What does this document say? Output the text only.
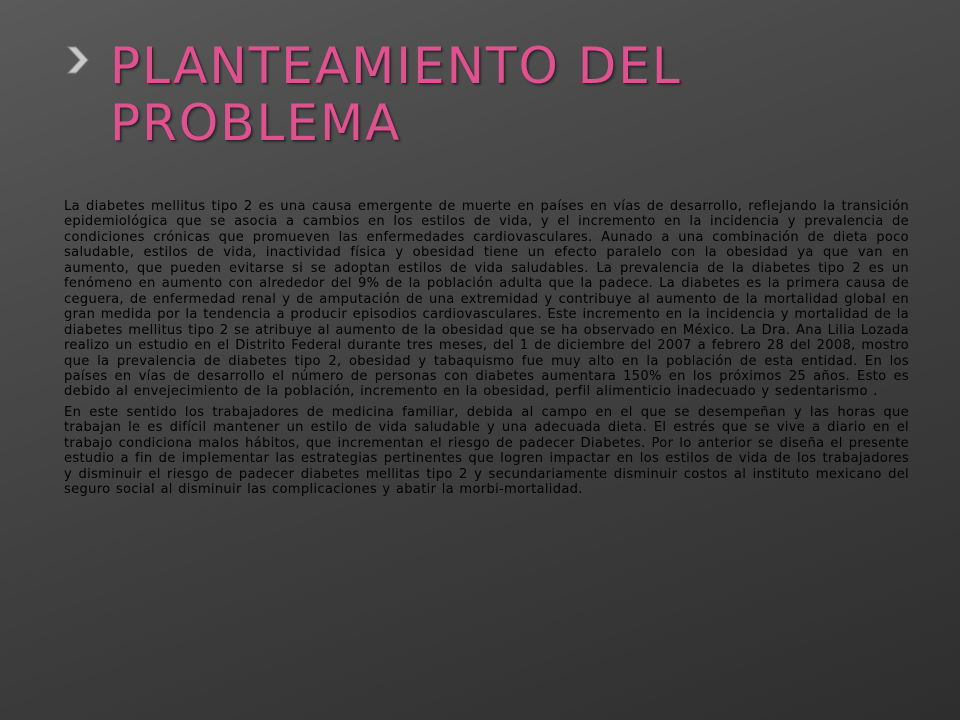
PLANTEAMIENTO DEL PROBLEMA

La diabetes mellitus tipo 2 es una causa emergente de muerte en países en vías de desarrollo, reflejando la transición epidemiológica que se asocia a cambios en los estilos de vida, y el incremento en la incidencia y prevalencia de condiciones crónicas que promueven las enfermedades cardiovasculares. Aunado a una combinación de dieta poco saludable, estilos de vida, inactividad física y obesidad tiene un efecto paralelo con la obesidad ya que van en aumento, que pueden evitarse si se adoptan estilos de vida saludables. La prevalencia de la diabetes tipo 2 es un fenómeno en aumento con alrededor del 9% de la población adulta que la padece. La diabetes es la primera causa de ceguera, de enfermedad renal y de amputación de una extremidad y contribuye al aumento de la mortalidad global en gran medida por la tendencia a producir episodios cardiovasculares. Este incremento en la incidencia y mortalidad de la diabetes mellitus tipo 2 se atribuye al aumento de la obesidad que se ha observado en México. La Dra. Ana Lilia Lozada realizo un estudio en el Distrito Federal durante tres meses, del 1 de diciembre del 2007 a febrero 28 del 2008, mostro que la prevalencia de diabetes tipo 2, obesidad y tabaquismo fue muy alto en la población de esta entidad. En los países en vías de desarrollo el número de personas con diabetes aumentara 150% en los próximos 25 años. Esto es debido al envejecimiento de la población, incremento en la obesidad, perfil alimenticio inadecuado y sedentarismo .

En este sentido los trabajadores de medicina familiar, debida al campo en el que se desempeñan y las horas que trabajan le es difícil mantener un estilo de vida saludable y una adecuada dieta. El estrés que se vive a diario en el trabajo condiciona malos hábitos, que incrementan el riesgo de padecer Diabetes. Por lo anterior se diseña el presente estudio a fin de implementar las estrategias pertinentes que logren impactar en los estilos de vida de los trabajadores y disminuir el riesgo de padecer diabetes mellitas tipo 2 y secundariamente disminuir costos al instituto mexicano del seguro social al disminuir las complicaciones y abatir la morbi-mortalidad.
